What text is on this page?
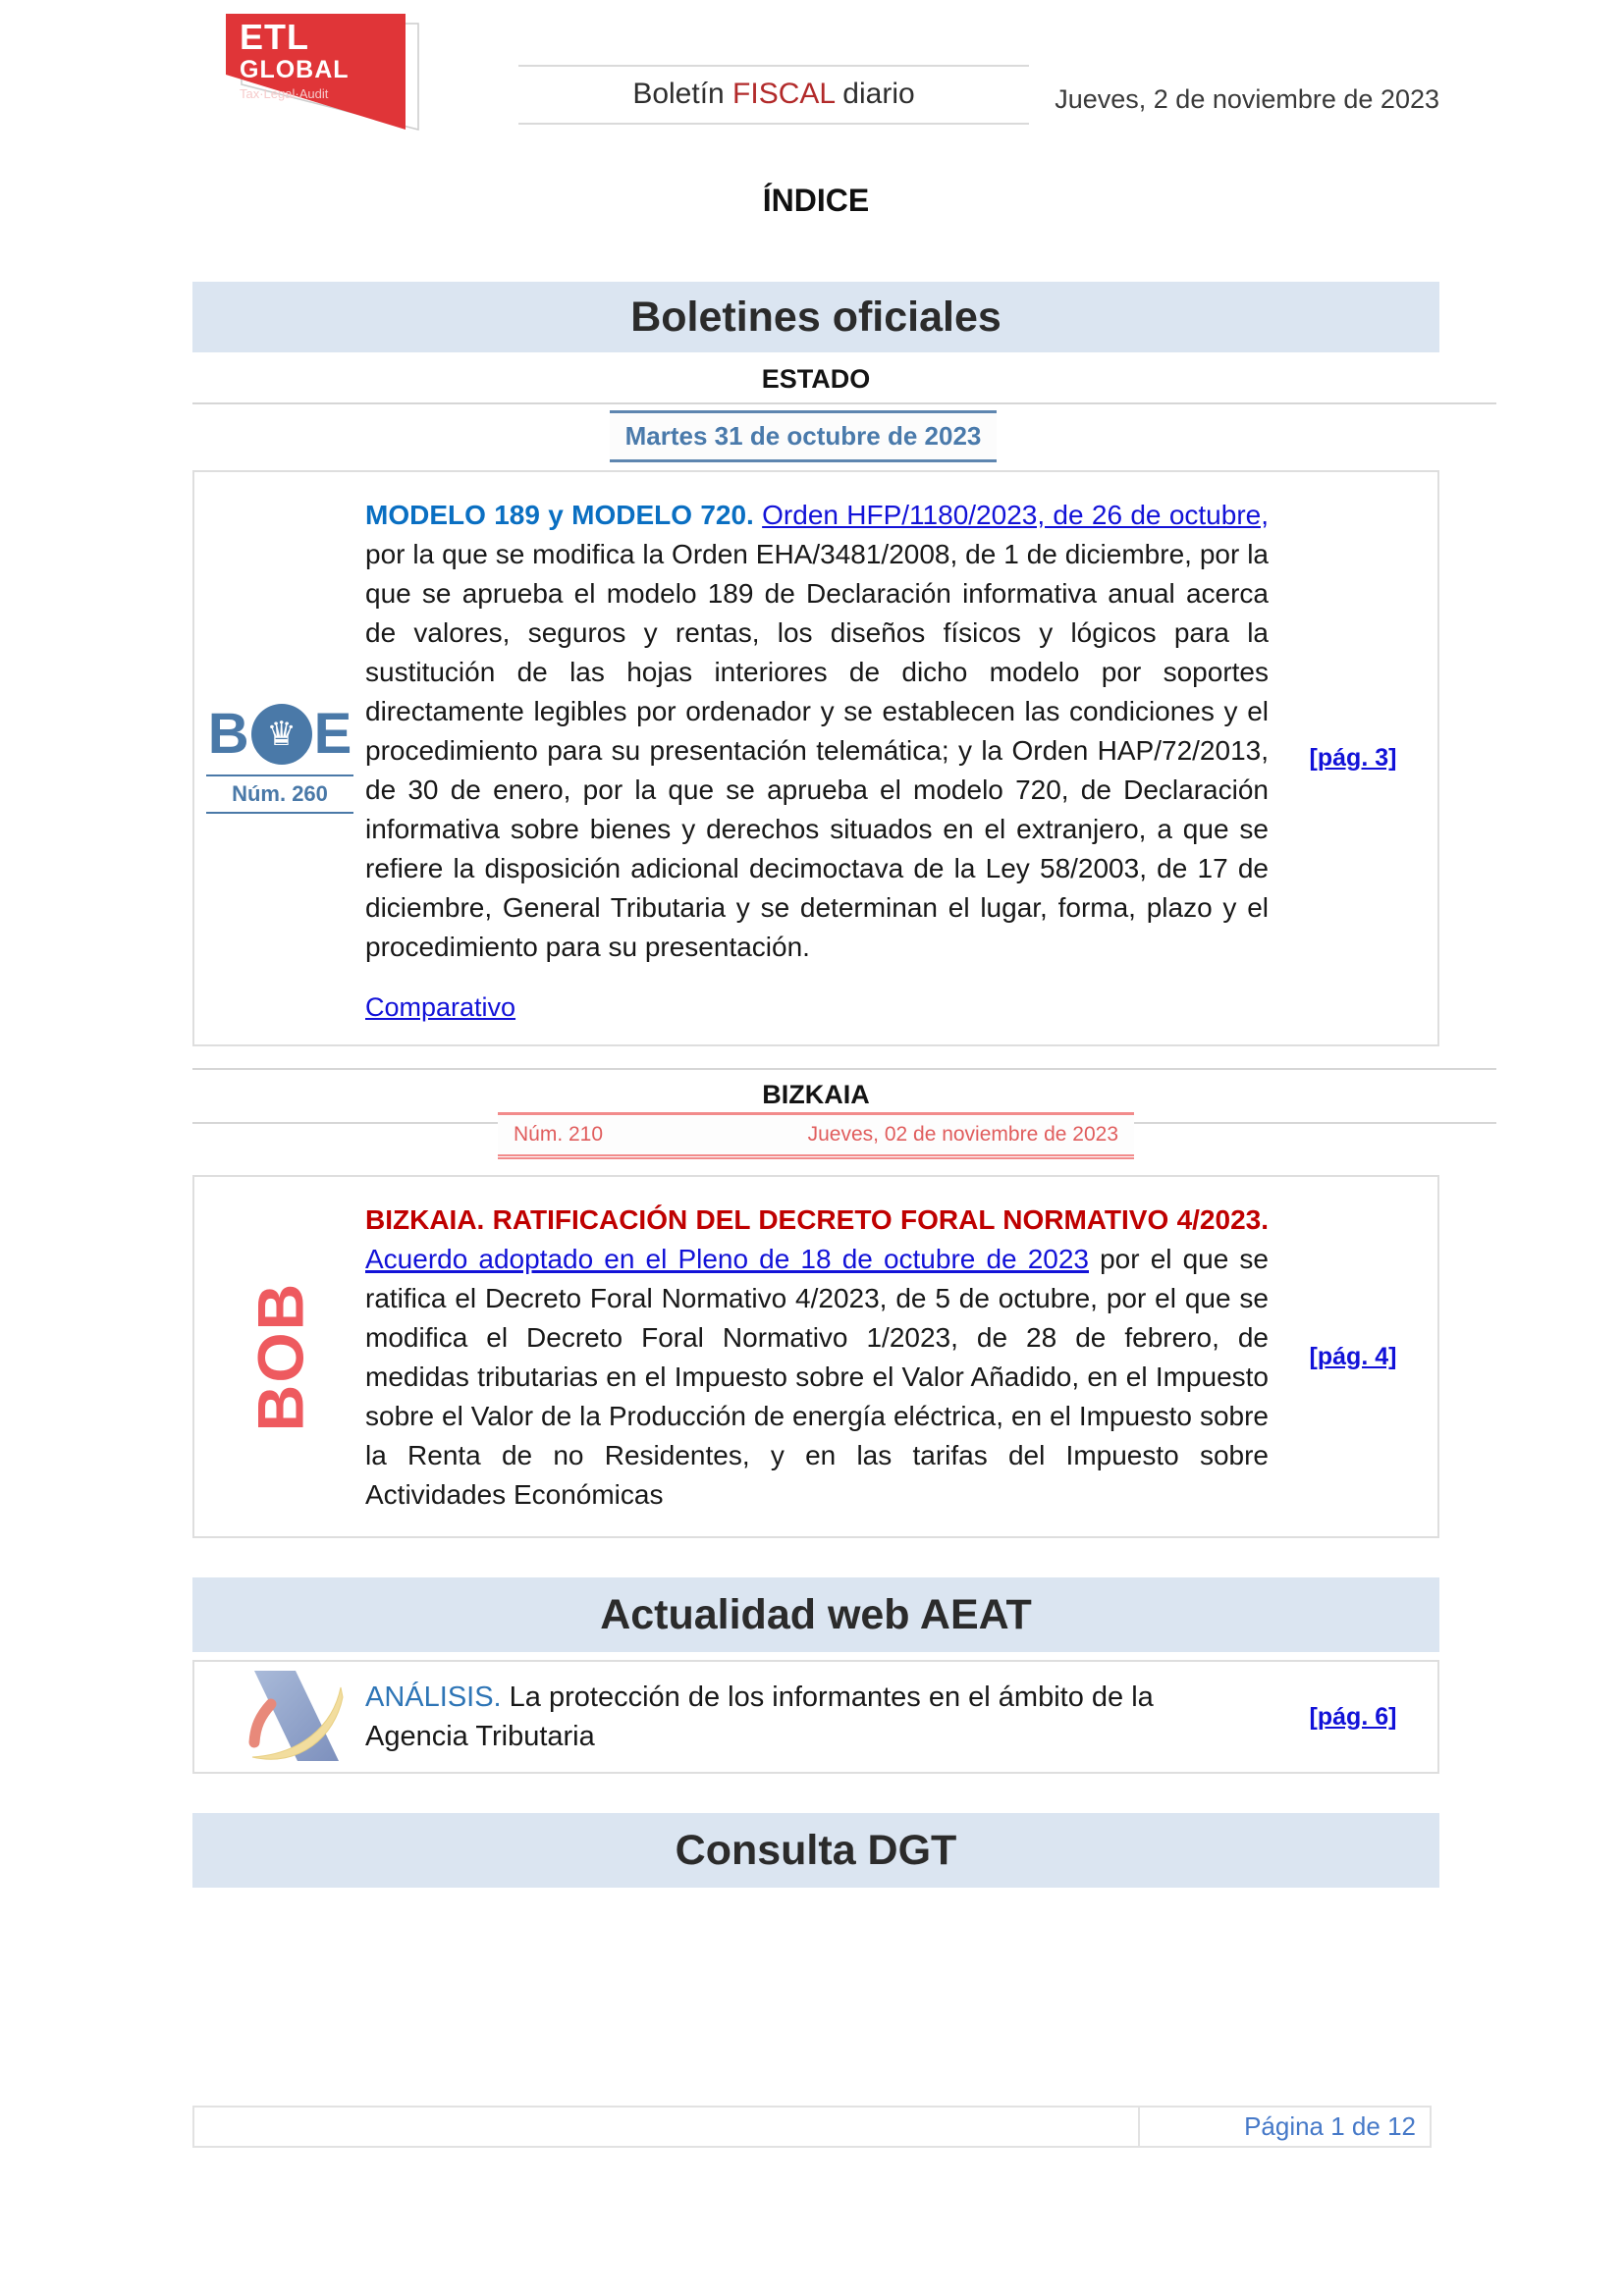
ETL
GLOBAL
Tax·Legal·Audit	Boletín FISCAL diario	Jueves, 2 de noviembre de 2023
ÍNDICE
Boletines oficiales
ESTADO
Martes 31 de octubre de 2023
B ♛ E
Núm. 260

MODELO 189 y MODELO 720. Orden HFP/1180/2023, de 26 de octubre, por la que se modifica la Orden EHA/3481/2008, de 1 de diciembre, por la que se aprueba el modelo 189 de Declaración informativa anual acerca de valores, seguros y rentas, los diseños físicos y lógicos para la sustitución de las hojas interiores de dicho modelo por soportes directamente legibles por ordenador y se establecen las condiciones y el procedimiento para su presentación telemática; y la Orden HAP/72/2013, de 30 de enero, por la que se aprueba el modelo 720, de Declaración informativa sobre bienes y derechos situados en el extranjero, a que se refiere la disposición adicional decimoctava de la Ley 58/2003, de 17 de diciembre, General Tributaria y se determinan el lugar, forma, plazo y el procedimiento para su presentación.

Comparativo
[pág. 3]
BIZKAIA
Núm. 210	Jueves, 02 de noviembre de 2023
BOB

BIZKAIA. RATIFICACIÓN DEL DECRETO FORAL NORMATIVO 4/2023. Acuerdo adoptado en el Pleno de 18 de octubre de 2023 por el que se ratifica el Decreto Foral Normativo 4/2023, de 5 de octubre, por el que se modifica el Decreto Foral Normativo 1/2023, de 28 de febrero, de medidas tributarias en el Impuesto sobre el Valor Añadido, en el Impuesto sobre el Valor de la Producción de energía eléctrica, en el Impuesto sobre la Renta de no Residentes, y en las tarifas del Impuesto sobre Actividades Económicas

[pág. 4]
Actualidad web AEAT
ANÁLISIS. La protección de los informantes en el ámbito de la Agencia Tributaria
[pág. 6]
Consulta DGT
Página 1 de 12
